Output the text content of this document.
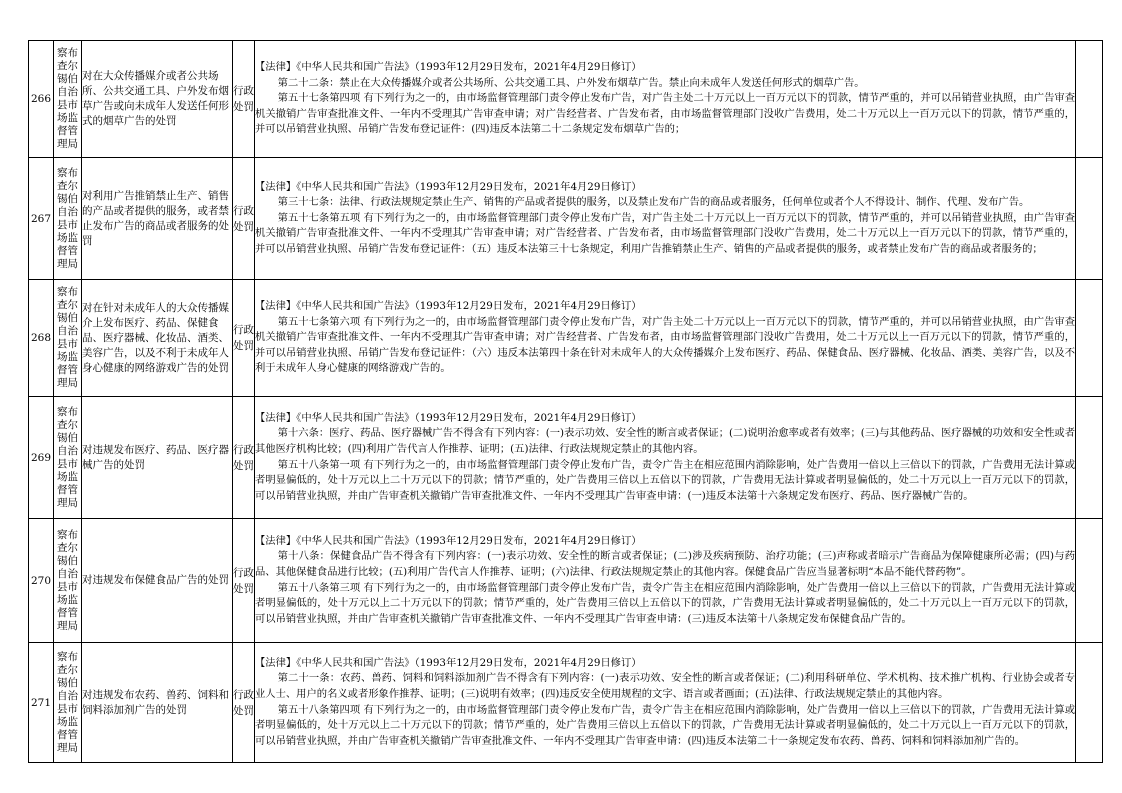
266	察布查尔锡伯自治县市场监督管理局	对在大众传播媒介或者公共场所、公共交通工具、户外发布烟草广告或向未成年人发送任何形式的烟草广告的处罚	行政处罚		【法律】《中华人民共和国广告法》（1993年12月29日发布，2021年4月29日修订）

第二十二条：禁止在大众传播媒介或者公共场所、公共交通工具、户外发布烟草广告。禁止向未成年人发送任何形式的烟草广告。

第五十七条第四项 有下列行为之一的，由市场监督管理部门责令停止发布广告，对广告主处二十万元以上一百万元以下的罚款，情节严重的，并可以吊销营业执照，由广告审查机关撤销广告审查批准文件、一年内不受理其广告审查申请；对广告经营者、广告发布者，由市场监督管理部门没收广告费用，处二十万元以上一百万元以下的罚款，情节严重的，并可以吊销营业执照、吊销广告发布登记证件：(四)违反本法第二十二条规定发布烟草广告的；	

267	察布查尔锡伯自治县市场监督管理局	对利用广告推销禁止生产、销售的产品或者提供的服务，或者禁止发布广告的商品或者服务的处罚	行政处罚		【法律】《中华人民共和国广告法》（1993年12月29日发布，2021年4月29日修订）

第三十七条：法律、行政法规规定禁止生产、销售的产品或者提供的服务，以及禁止发布广告的商品或者服务，任何单位或者个人不得设计、制作、代理、发布广告。

第五十七条第五项 有下列行为之一的，由市场监督管理部门责令停止发布广告，对广告主处二十万元以上一百万元以下的罚款，情节严重的，并可以吊销营业执照，由广告审查机关撤销广告审查批准文件、一年内不受理其广告审查申请；对广告经营者、广告发布者，由市场监督管理部门没收广告费用，处二十万元以上一百万元以下的罚款，情节严重的，并可以吊销营业执照、吊销广告发布登记证件：（五）违反本法第三十七条规定，利用广告推销禁止生产、销售的产品或者提供的服务，或者禁止发布广告的商品或者服务的；	

268	察布查尔锡伯自治县市场监督管理局	对在针对未成年人的大众传播媒介上发布医疗、药品、保健食品、医疗器械、化妆品、酒类、美容广告，以及不利于未成年人身心健康的网络游戏广告的处罚	行政处罚		【法律】《中华人民共和国广告法》（1993年12月29日发布，2021年4月29日修订）

第五十七条第六项 有下列行为之一的，由市场监督管理部门责令停止发布广告，对广告主处二十万元以上一百万元以下的罚款，情节严重的，并可以吊销营业执照，由广告审查机关撤销广告审查批准文件、一年内不受理其广告审查申请；对广告经营者、广告发布者，由市场监督管理部门没收广告费用，处二十万元以上一百万元以下的罚款，情节严重的，并可以吊销营业执照、吊销广告发布登记证件：（六）违反本法第四十条在针对未成年人的大众传播媒介上发布医疗、药品、保健食品、医疗器械、化妆品、酒类、美容广告，以及不利于未成年人身心健康的网络游戏广告的。	

269	察布查尔锡伯自治县市场监督管理局	对违规发布医疗、药品、医疗器械广告的处罚	行政处罚		【法律】《中华人民共和国广告法》（1993年12月29日发布，2021年4月29日修订）

第十六条：医疗、药品、医疗器械广告不得含有下列内容：(一)表示功效、安全性的断言或者保证；(二)说明治愈率或者有效率；(三)与其他药品、医疗器械的功效和安全性或者其他医疗机构比较；(四)利用广告代言人作推荐、证明；(五)法律、行政法规规定禁止的其他内容。

第五十八条第一项 有下列行为之一的，由市场监督管理部门责令停止发布广告，责令广告主在相应范围内消除影响，处广告费用一倍以上三倍以下的罚款，广告费用无法计算或者明显偏低的，处十万元以上二十万元以下的罚款；情节严重的，处广告费用三倍以上五倍以下的罚款，广告费用无法计算或者明显偏低的，处二十万元以上一百万元以下的罚款，可以吊销营业执照，并由广告审查机关撤销广告审查批准文件、一年内不受理其广告审查申请：(一)违反本法第十六条规定发布医疗、药品、医疗器械广告的。	

270	察布查尔锡伯自治县市场监督管理局	对违规发布保健食品广告的处罚	行政处罚		【法律】《中华人民共和国广告法》（1993年12月29日发布，2021年4月29日修订）

第十八条：保健食品广告不得含有下列内容：(一)表示功效、安全性的断言或者保证；(二)涉及疾病预防、治疗功能；(三)声称或者暗示广告商品为保障健康所必需；(四)与药品、其他保健食品进行比较；(五)利用广告代言人作推荐、证明；(六)法律、行政法规规定禁止的其他内容。保健食品广告应当显著标明“本品不能代替药物”。

第五十八条第三项 有下列行为之一的，由市场监督管理部门责令停止发布广告，责令广告主在相应范围内消除影响，处广告费用一倍以上三倍以下的罚款，广告费用无法计算或者明显偏低的，处十万元以上二十万元以下的罚款；情节严重的，处广告费用三倍以上五倍以下的罚款，广告费用无法计算或者明显偏低的，处二十万元以上一百万元以下的罚款，可以吊销营业执照，并由广告审查机关撤销广告审查批准文件、一年内不受理其广告审查申请：(三)违反本法第十八条规定发布保健食品广告的。	

271	察布查尔锡伯自治县市场监督管理局	对违规发布农药、兽药、饲料和饲料添加剂广告的处罚	行政处罚		【法律】《中华人民共和国广告法》（1993年12月29日发布，2021年4月29日修订）

第二十一条：农药、兽药、饲料和饲料添加剂广告不得含有下列内容：(一)表示功效、安全性的断言或者保证；(二)利用科研单位、学术机构、技术推广机构、行业协会或者专业人士、用户的名义或者形象作推荐、证明；(三)说明有效率；(四)违反安全使用规程的文字、语言或者画面；(五)法律、行政法规规定禁止的其他内容。

第五十八条第四项 有下列行为之一的，由市场监督管理部门责令停止发布广告，责令广告主在相应范围内消除影响，处广告费用一倍以上三倍以下的罚款，广告费用无法计算或者明显偏低的，处十万元以上二十万元以下的罚款；情节严重的，处广告费用三倍以上五倍以下的罚款，广告费用无法计算或者明显偏低的，处二十万元以上一百万元以下的罚款，可以吊销营业执照，并由广告审查机关撤销广告审查批准文件、一年内不受理其广告审查申请：(四)违反本法第二十一条规定发布农药、兽药、饲料和饲料添加剂广告的。	
